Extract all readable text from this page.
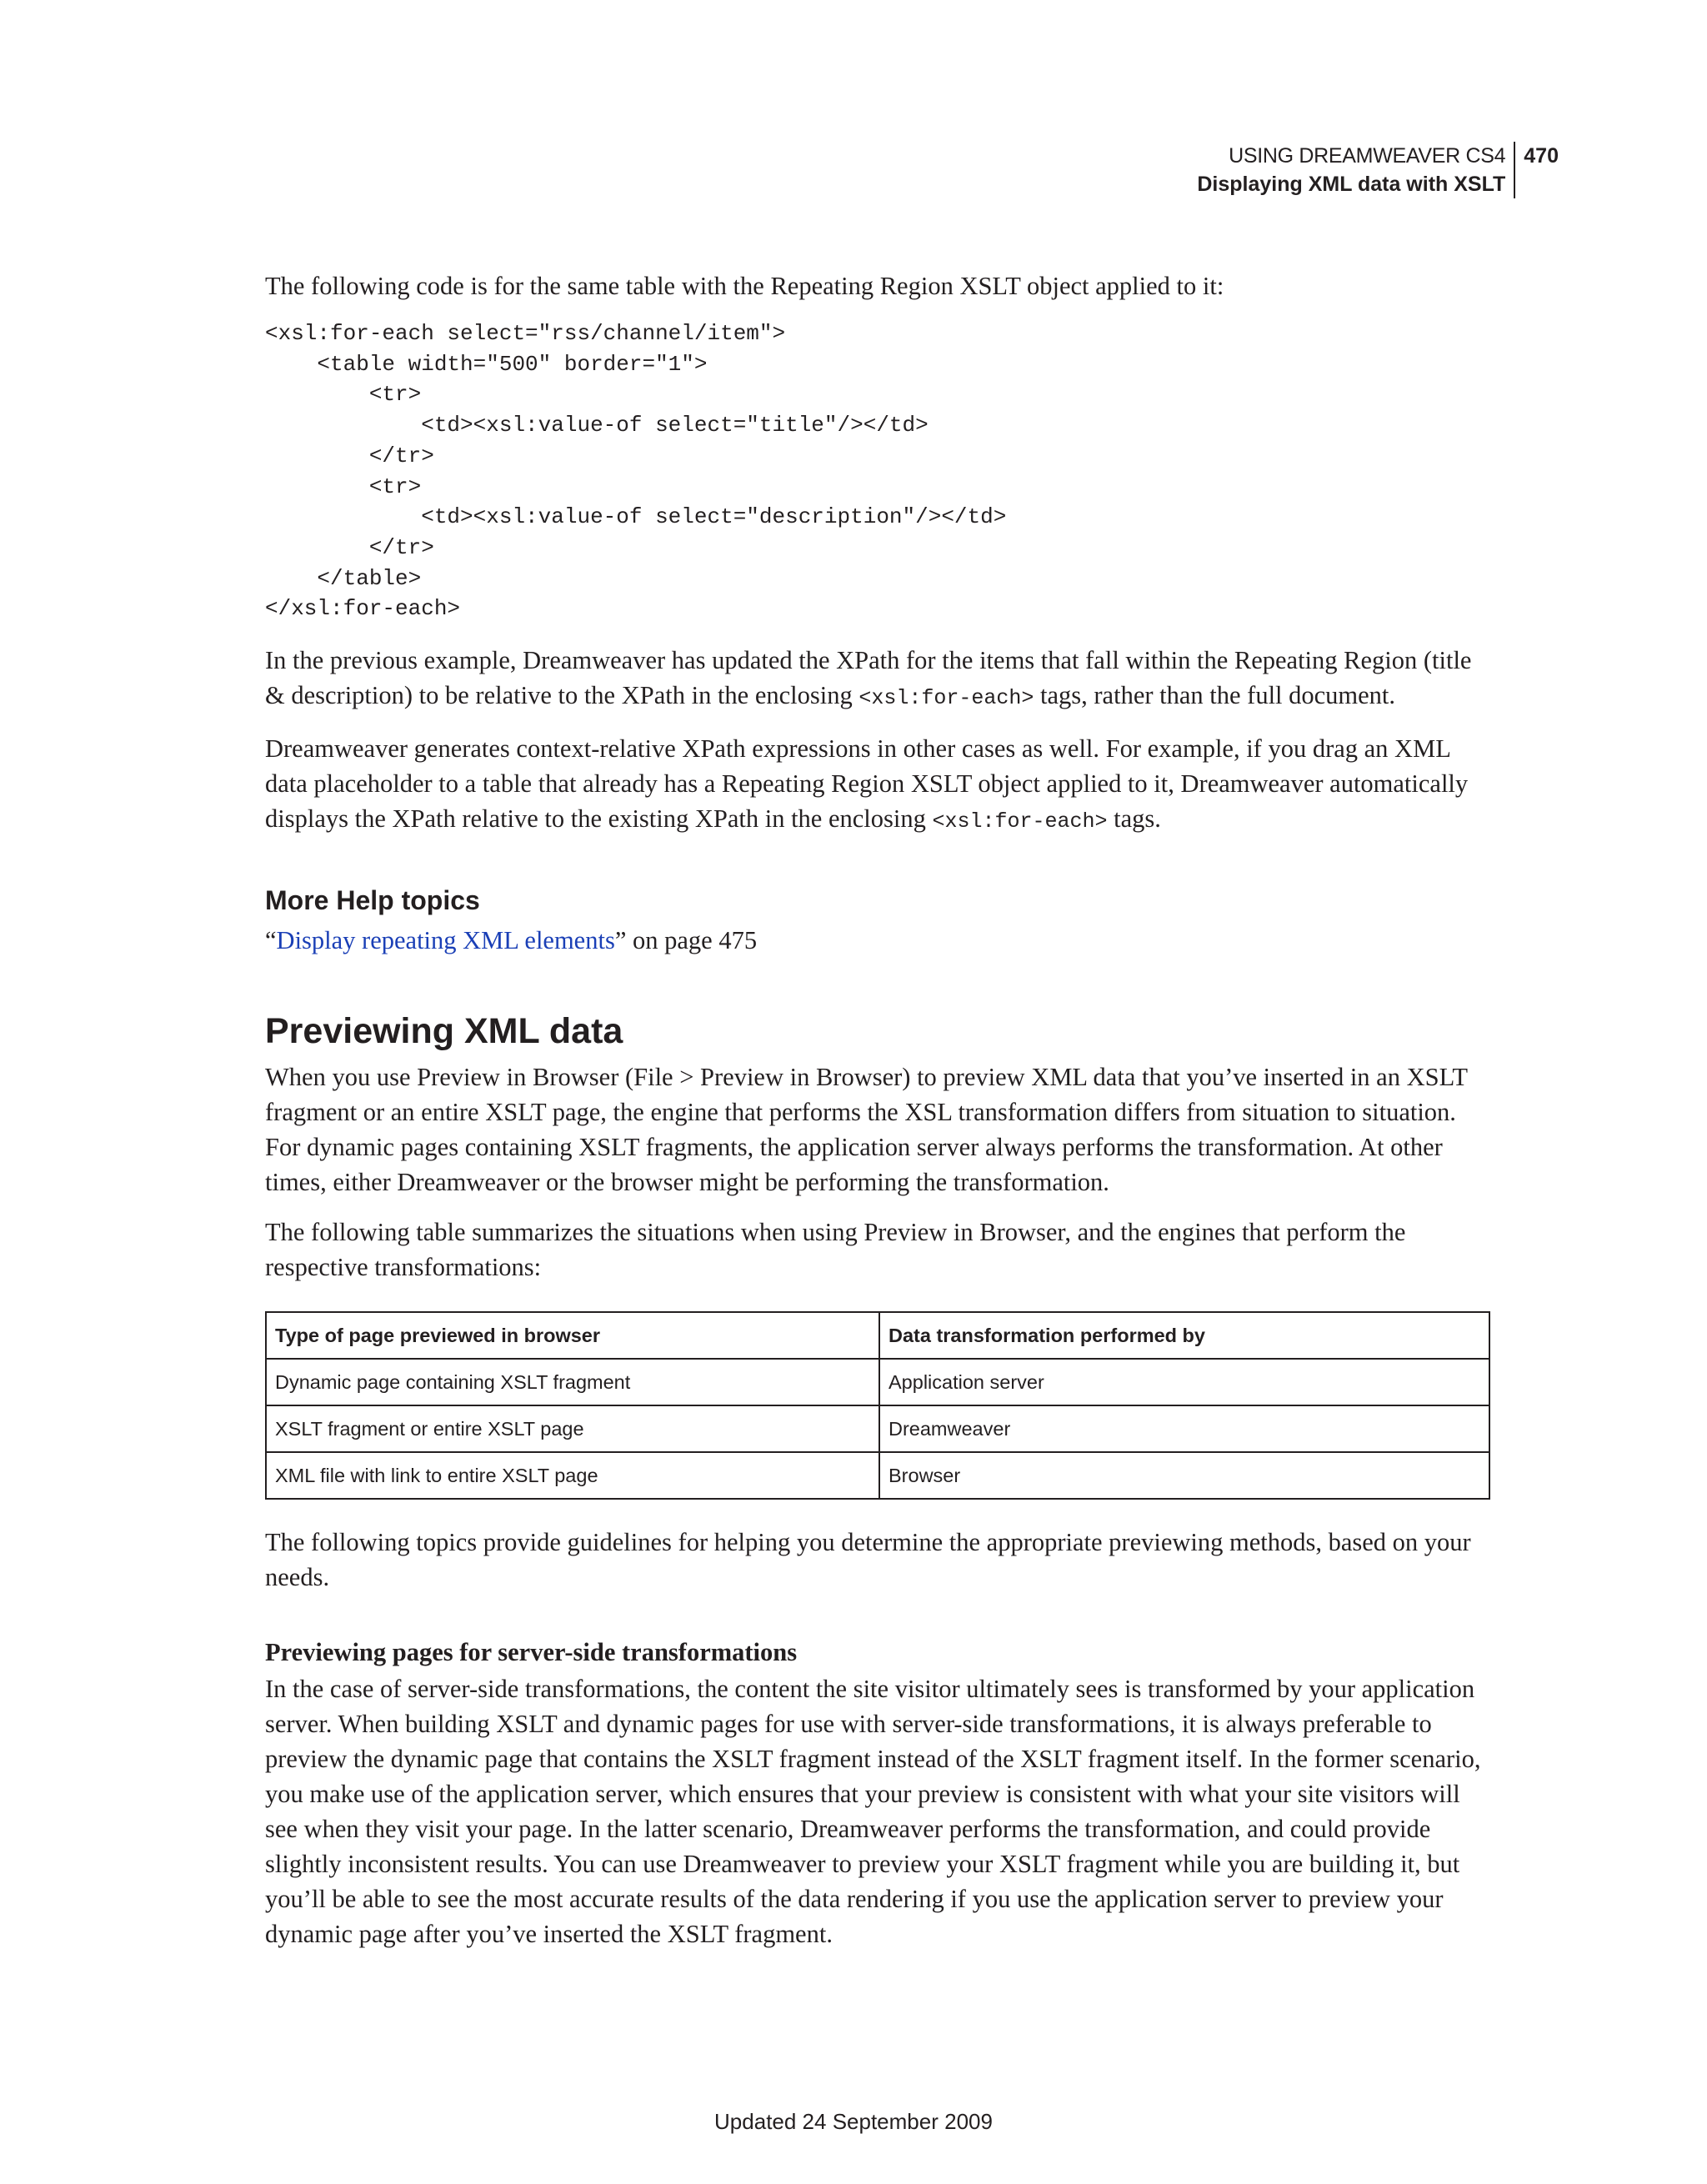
USING DREAMWEAVER CS4
Displaying XML data with XSLT
470

The following code is for the same table with the Repeating Region XSLT object applied to it:

<xsl:for-each select="rss/channel/item">
<table width="500" border="1">
<tr>
<td><xsl:value-of select="title"/></td>
</tr>
<tr>
<td><xsl:value-of select="description"/></td>
</tr>
</table>
</xsl:for-each>

In the previous example, Dreamweaver has updated the XPath for the items that fall within the Repeating Region (title & description) to be relative to the XPath in the enclosing <xsl:for-each> tags, rather than the full document.

Dreamweaver generates context-relative XPath expressions in other cases as well. For example, if you drag an XML data placeholder to a table that already has a Repeating Region XSLT object applied to it, Dreamweaver automatically displays the XPath relative to the existing XPath in the enclosing <xsl:for-each> tags.

More Help topics

“Display repeating XML elements” on page 475

Previewing XML data

When you use Preview in Browser (File > Preview in Browser) to preview XML data that you’ve inserted in an XSLT fragment or an entire XSLT page, the engine that performs the XSL transformation differs from situation to situation. For dynamic pages containing XSLT fragments, the application server always performs the transformation. At other times, either Dreamweaver or the browser might be performing the transformation.

The following table summarizes the situations when using Preview in Browser, and the engines that perform the respective transformations:

Type of page previewed in browser	Data transformation performed by
Dynamic page containing XSLT fragment	Application server
XSLT fragment or entire XSLT page	Dreamweaver
XML file with link to entire XSLT page	Browser

The following topics provide guidelines for helping you determine the appropriate previewing methods, based on your needs.

Previewing pages for server-side transformations

In the case of server-side transformations, the content the site visitor ultimately sees is transformed by your application server. When building XSLT and dynamic pages for use with server-side transformations, it is always preferable to preview the dynamic page that contains the XSLT fragment instead of the XSLT fragment itself. In the former scenario, you make use of the application server, which ensures that your preview is consistent with what your site visitors will see when they visit your page. In the latter scenario, Dreamweaver performs the transformation, and could provide slightly inconsistent results. You can use Dreamweaver to preview your XSLT fragment while you are building it, but you’ll be able to see the most accurate results of the data rendering if you use the application server to preview your dynamic page after you’ve inserted the XSLT fragment.

Updated 24 September 2009
